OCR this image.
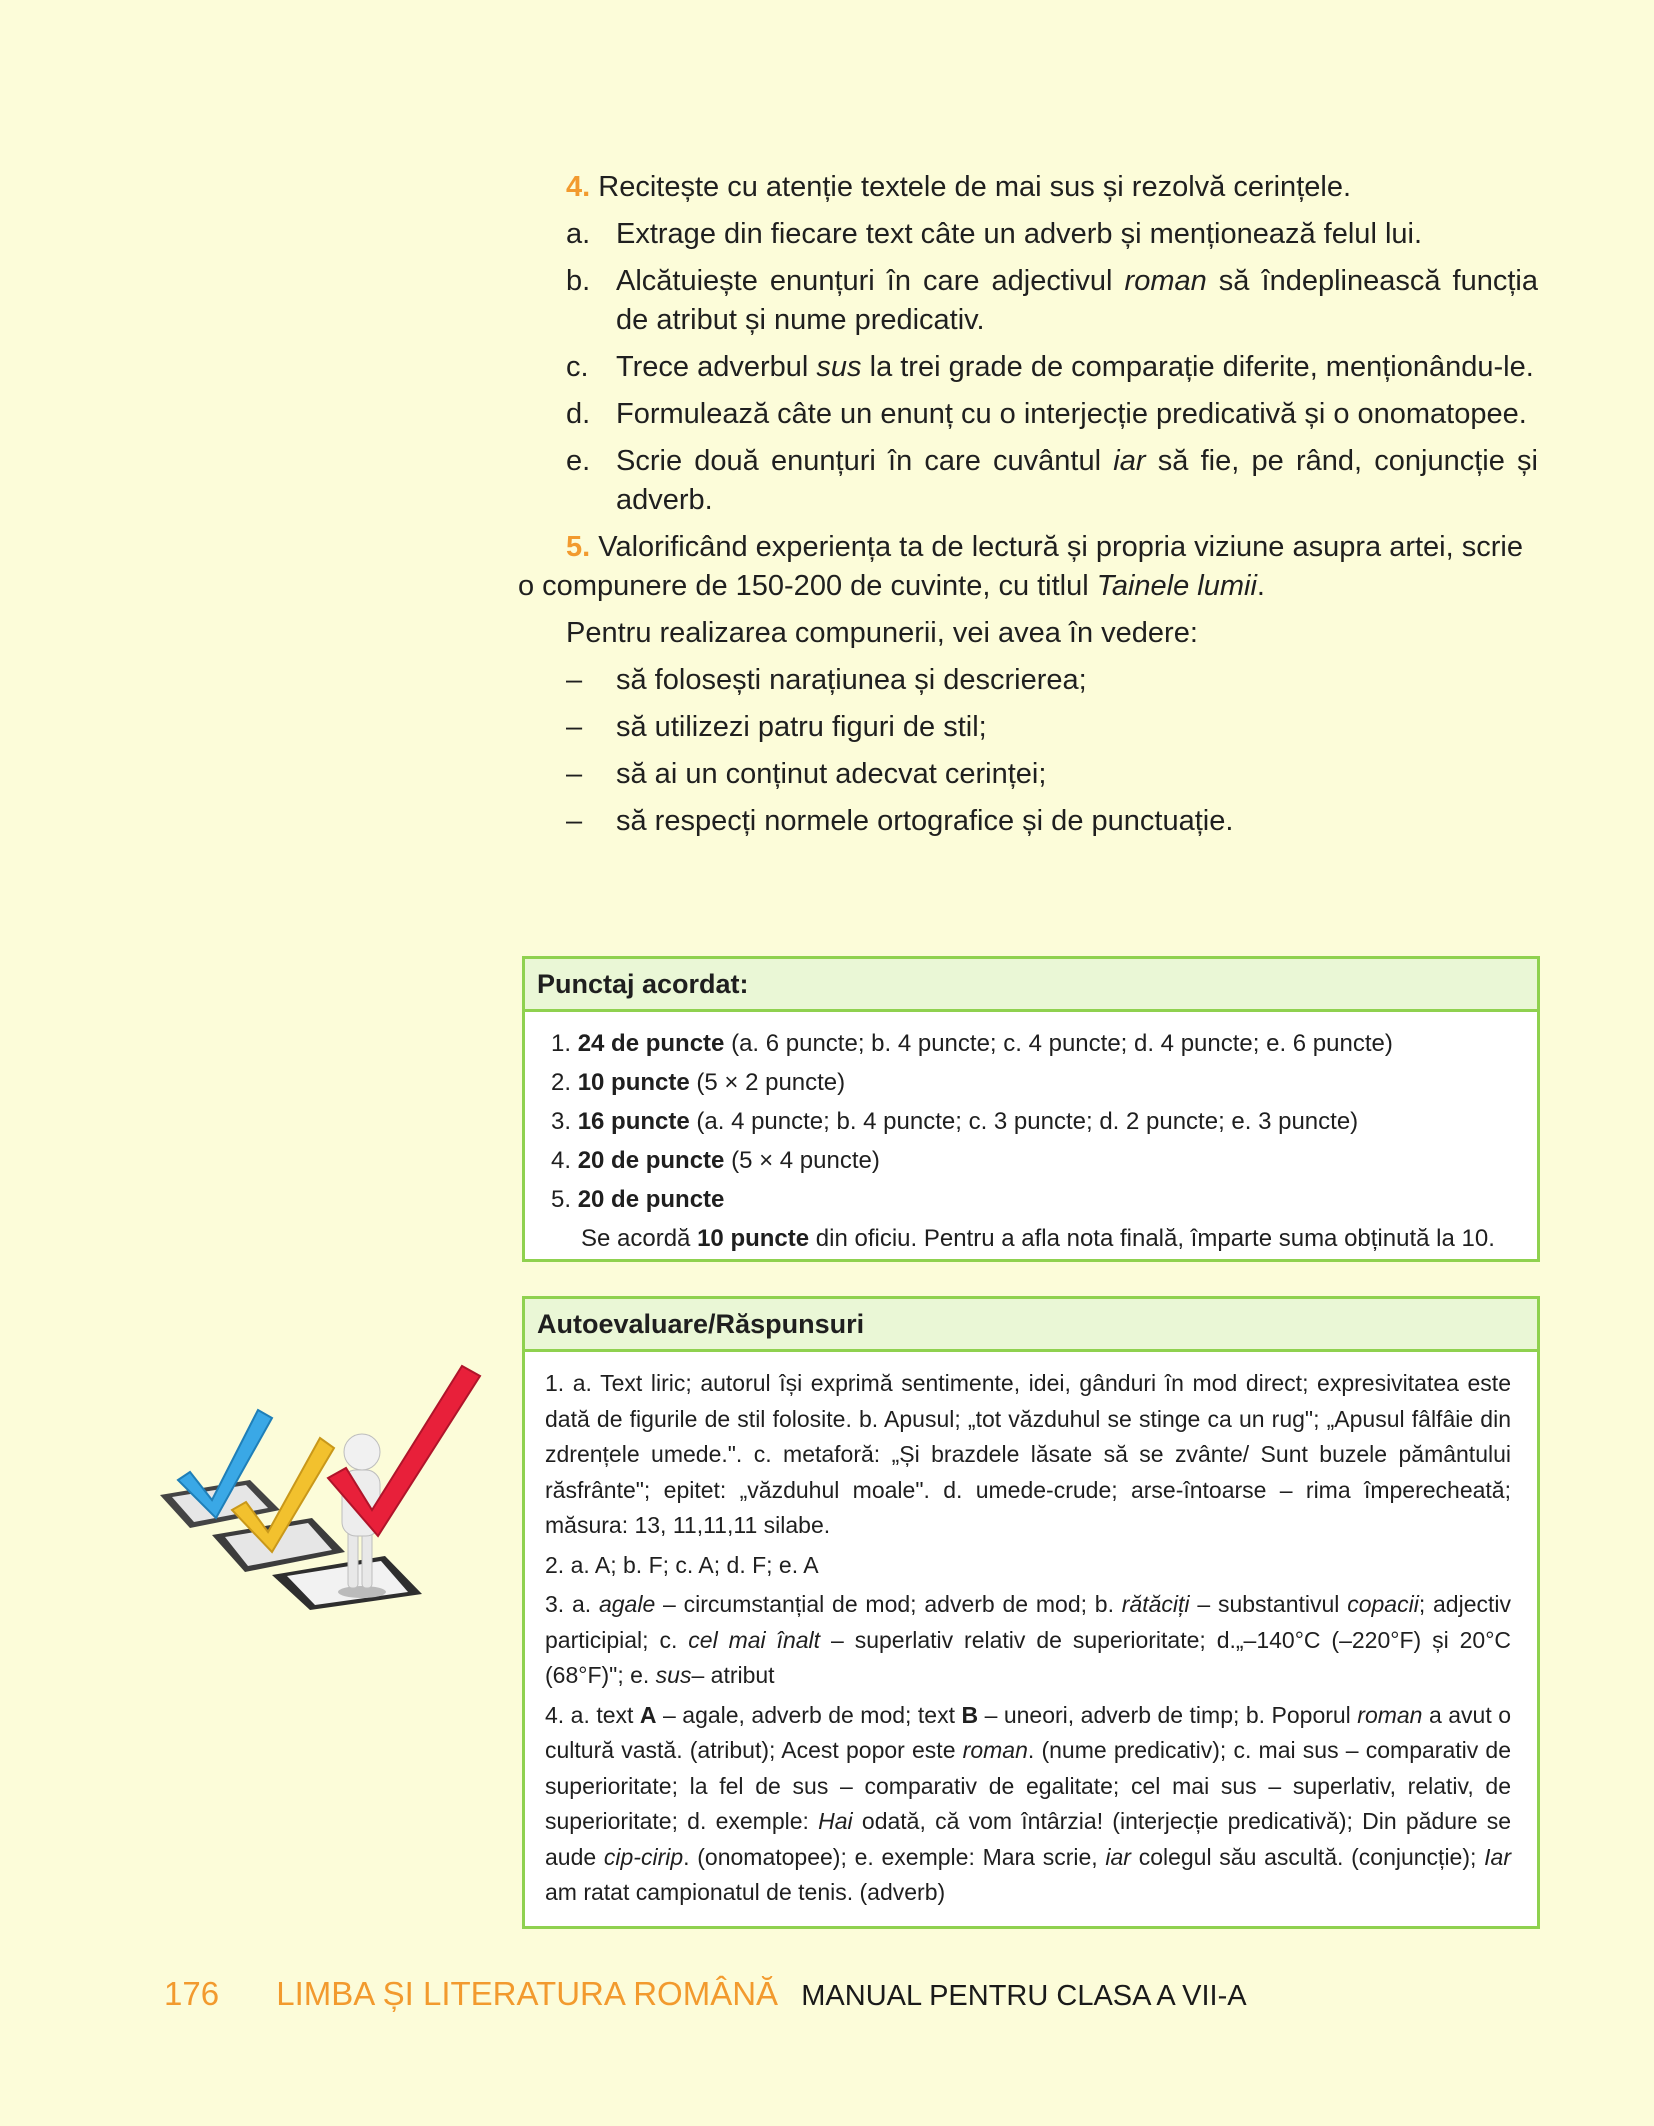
4. Recitește cu atenție textele de mai sus și rezolvă cerințele.
a. Extrage din fiecare text câte un adverb și menționează felul lui.
b. Alcătuiește enunțuri în care adjectivul roman să îndeplinească funcția de atribut și nume predicativ.
c. Trece adverbul sus la trei grade de comparație diferite, menționându-le.
d. Formulează câte un enunț cu o interjecție predicativă și o onomatopee.
e. Scrie două enunțuri în care cuvântul iar să fie, pe rând, conjuncție și adverb.
5. Valorificând experiența ta de lectură și propria viziune asupra artei, scrie o compunere de 150-200 de cuvinte, cu titlul Tainele lumii.
Pentru realizarea compunerii, vei avea în vedere:
–	să folosești narațiunea și descrierea;
–	să utilizezi patru figuri de stil;
–	să ai un conținut adecvat cerinței;
–	să respecți normele ortografice și de punctuație.
Punctaj acordat:
1. 24 de puncte (a. 6 puncte; b. 4 puncte; c. 4 puncte; d. 4 puncte; e. 6 puncte)
2. 10 puncte (5 × 2 puncte)
3. 16 puncte (a. 4 puncte; b. 4 puncte; c. 3 puncte; d. 2 puncte; e. 3 puncte)
4. 20 de puncte (5 × 4 puncte)
5. 20 de puncte
Se acordă 10 puncte din oficiu. Pentru a afla nota finală, împarte suma obținută la 10.
Autoevaluare/Răspunsuri
1. a. Text liric; autorul își exprimă sentimente, idei, gânduri în mod direct; expresivitatea este dată de figurile de stil folosite. b. Apusul; „tot văzduhul se stinge ca un rug"; „Apusul fâlfâie din zdrențele umede.". c. metaforă: „Și brazdele lăsate să se zvânte/ Sunt buzele pământului răsfrânte"; epitet: „văzduhul moale". d. umede-crude; arse-întoarse – rima împerecheată; măsura: 13, 11,11,11 silabe.
2. a. A; b. F; c. A; d. F; e. A
3. a. agale – circumstanțial de mod; adverb de mod; b. rătăciți – substantivul copacii; adjectiv participial; c. cel mai înalt – superlativ relativ de superioritate; d.„–140°C (–220°F) și 20°C (68°F)"; e. sus– atribut
4. a. text A – agale, adverb de mod; text B – uneori, adverb de timp; b. Poporul roman a avut o cultură vastă. (atribut); Acest popor este roman. (nume predicativ); c. mai sus – comparativ de superioritate; la fel de sus – comparativ de egalitate; cel mai sus – superlativ, relativ, de superioritate; d. exemple: Hai odată, că vom întârzia! (interjecție predicativă); Din pădure se aude cip-cirip. (onomatopee); e. exemple: Mara scrie, iar colegul său ascultă. (conjuncție); Iar am ratat campionatul de tenis. (adverb)
176 LIMBA ȘI LITERATURA ROMÂNĂ MANUAL PENTRU CLASA A VII-A
